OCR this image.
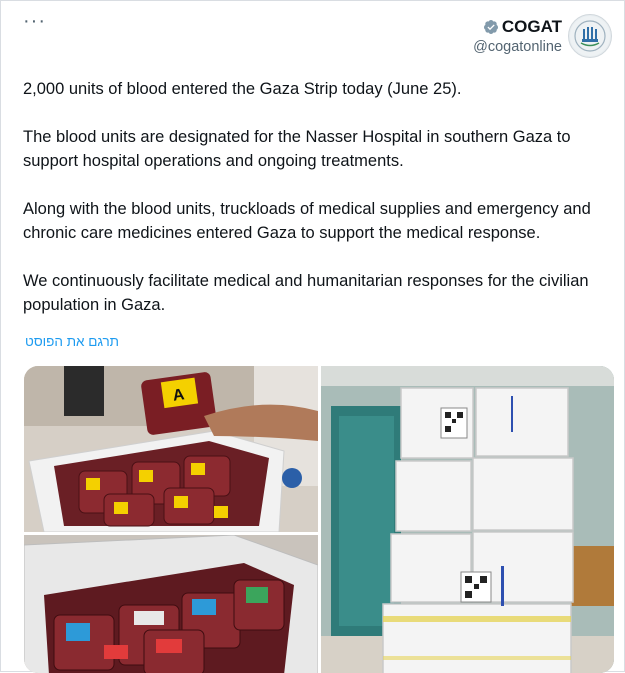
···	COGAT
@cogatonline

2,000 units of blood entered the Gaza Strip today (June 25).

The blood units are designated for the Nasser Hospital in southern Gaza to support hospital operations and ongoing treatments.

Along with the blood units, truckloads of medical supplies and emergency and chronic care medicines entered Gaza to support the medical response.

We continuously facilitate medical and humanitarian responses for the civilian population in Gaza.

תרגם את הפוסט
A
